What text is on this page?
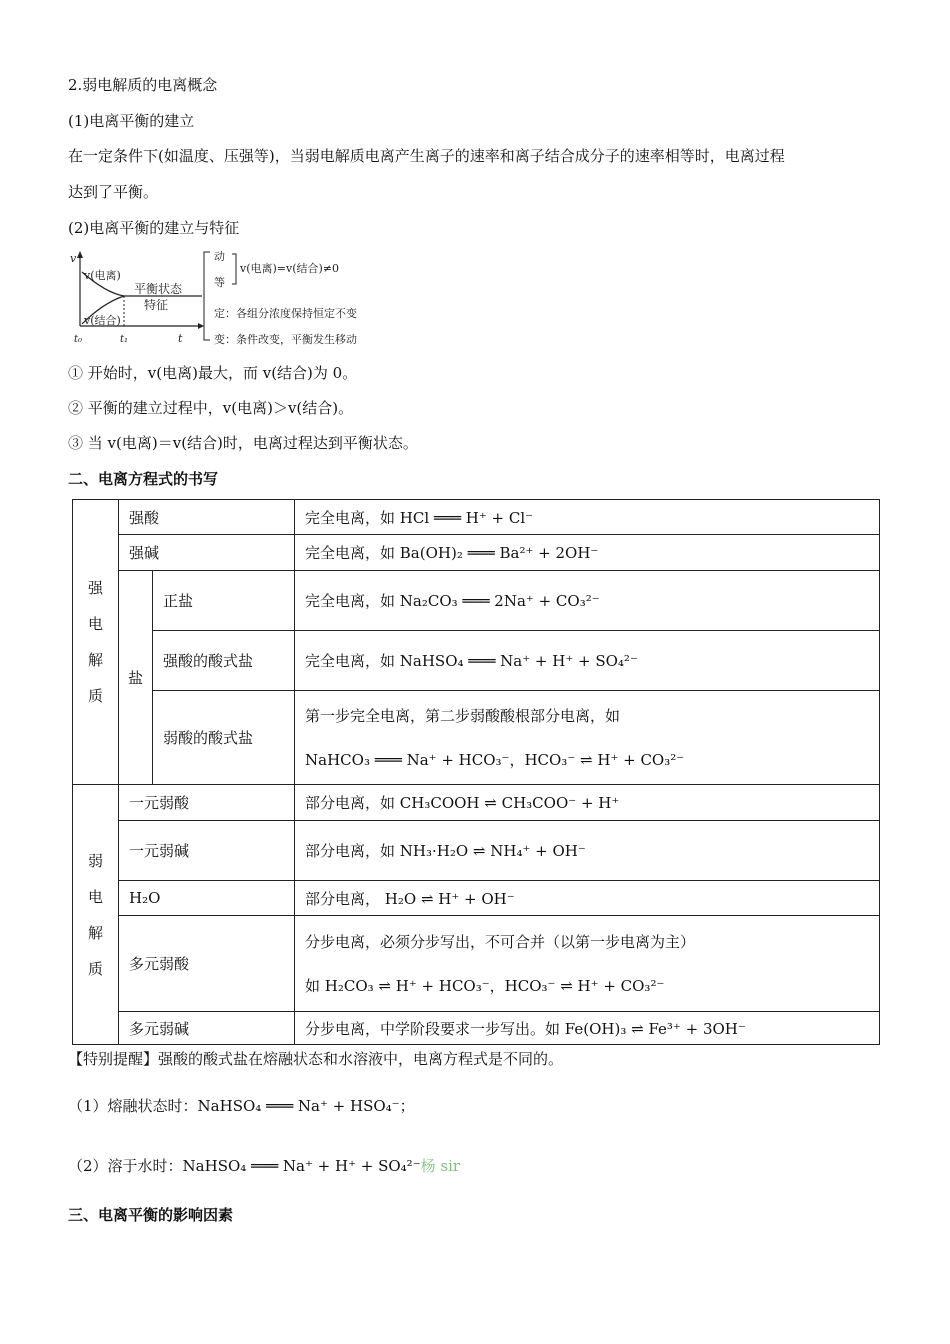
2.弱电解质的电离概念
(1)电离平衡的建立
在一定条件下(如温度、压强等)，当弱电解质电离产生离子的速率和离子结合成分子的速率相等时，电离过程
达到了平衡。
(2)电离平衡的建立与特征
v
t
t₀	t₁
v(电离)
v(结合)
平衡状态
特征
动
等
v(电离)=v(结合)≠0
定：各组分浓度保持恒定不变
变：条件改变，平衡发生移动
① 开始时，v(电离)最大，而 v(结合)为 0。
② 平衡的建立过程中，v(电离)＞v(结合)。
③ 当 v(电离)＝v(结合)时，电离过程达到平衡状态。
二、电离方程式的书写
强电解质	强酸		完全电离，如 HCl ═══ H⁺ + Cl⁻
	强碱		完全电离，如 Ba(OH)₂ ═══ Ba²⁺ + 2OH⁻
	盐	正盐	完全电离，如 Na₂CO₃ ═══ 2Na⁺ + CO₃²⁻
		强酸的酸式盐	完全电离，如 NaHSO₄ ═══ Na⁺ + H⁺ + SO₄²⁻
		弱酸的酸式盐	第一步完全电离，第二步弱酸酸根部分电离，如
NaHCO₃ ═══ Na⁺ + HCO₃⁻，HCO₃⁻ ⇌ H⁺ + CO₃²⁻

弱电解质	一元弱酸		部分电离，如 CH₃COOH ⇌ CH₃COO⁻ + H⁺
	一元弱碱		部分电离，如 NH₃·H₂O ⇌ NH₄⁺ + OH⁻
	H₂O		部分电离， H₂O ⇌ H⁺ + OH⁻
	多元弱酸		分步电离，必须分步写出，不可合并（以第一步电离为主）
如 H₂CO₃ ⇌ H⁺ + HCO₃⁻，HCO₃⁻ ⇌ H⁺ + CO₃²⁻

	多元弱碱		分步电离，中学阶段要求一步写出。如 Fe(OH)₃ ⇌ Fe³⁺ + 3OH⁻
【特别提醒】强酸的酸式盐在熔融状态和水溶液中，电离方程式是不同的。
（1）熔融状态时：NaHSO₄ ═══ Na⁺ + HSO₄⁻；
（2）溶于水时：NaHSO₄ ═══ Na⁺ + H⁺ + SO₄²⁻杨 sir
三、电离平衡的影响因素
